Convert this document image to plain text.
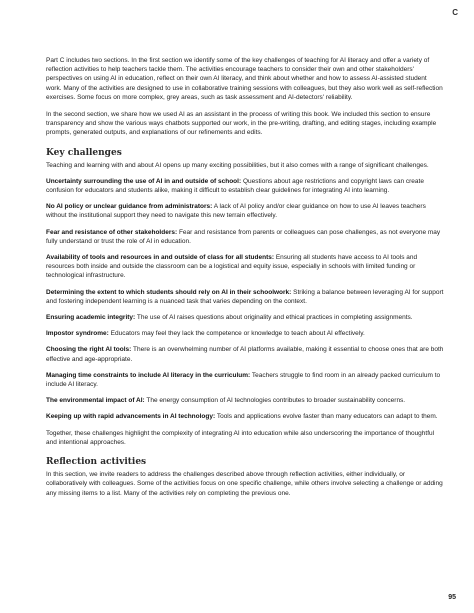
C

Part C includes two sections. In the first section we identify some of the key challenges of teaching for AI literacy and offer a variety of reflection activities to help teachers tackle them. The activities encourage teachers to consider their own and other stakeholders' perspectives on using AI in education, reflect on their own AI literacy, and think about whether and how to assess AI-assisted student work. Many of the activities are designed to use in collaborative training sessions with colleagues, but they also work well as self-reflection exercises. Some focus on more complex, grey areas, such as task assessment and AI-detectors' reliability.

In the second section, we share how we used AI as an assistant in the process of writing this book. We included this section to ensure transparency and show the various ways chatbots supported our work, in the pre-writing, drafting, and editing stages, including example prompts, generated outputs, and explanations of our refinements and edits.

Key challenges

Teaching and learning with and about AI opens up many exciting possibilities, but it also comes with a range of significant challenges.

Uncertainty surrounding the use of AI in and outside of school: Questions about age restrictions and copyright laws can create confusion for educators and students alike, making it difficult to establish clear guidelines for integrating AI into learning.

No AI policy or unclear guidance from administrators: A lack of AI policy and/or clear guidance on how to use AI leaves teachers without the institutional support they need to navigate this new terrain effectively.

Fear and resistance of other stakeholders: Fear and resistance from parents or colleagues can pose challenges, as not everyone may fully understand or trust the role of AI in education.

Availability of tools and resources in and outside of class for all students: Ensuring all students have access to AI tools and resources both inside and outside the classroom can be a logistical and equity issue, especially in schools with limited funding or technological infrastructure.

Determining the extent to which students should rely on AI in their schoolwork: Striking a balance between leveraging AI for support and fostering independent learning is a nuanced task that varies depending on the context.

Ensuring academic integrity: The use of AI raises questions about originality and ethical practices in completing assignments.

Impostor syndrome: Educators may feel they lack the competence or knowledge to teach about AI effectively.

Choosing the right AI tools: There is an overwhelming number of AI platforms available, making it essential to choose ones that are both effective and age-appropriate.

Managing time constraints to include AI literacy in the curriculum: Teachers struggle to find room in an already packed curriculum to include AI literacy.

The environmental impact of AI: The energy consumption of AI technologies contributes to broader sustainability concerns.

Keeping up with rapid advancements in AI technology: Tools and applications evolve faster than many educators can adapt to them.

Together, these challenges highlight the complexity of integrating AI into education while also underscoring the importance of thoughtful and intentional approaches.

Reflection activities

In this section, we invite readers to address the challenges described above through reflection activities, either individually, or collaboratively with colleagues. Some of the activities focus on one specific challenge, while others involve selecting a challenge or adding any missing items to a list. Many of the activities rely on completing the previous one.

95
